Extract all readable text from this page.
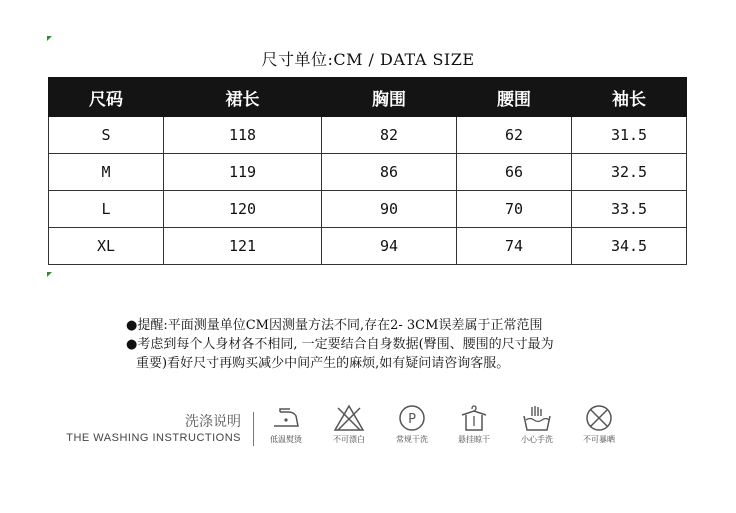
尺寸单位:CM / DATA SIZE
尺码	裙长	胸围	腰围	袖长
S	118	82	62	31.5
M	119	86	66	32.5
L	120	90	70	33.5
XL	121	94	74	34.5
●提醒:平面测量单位CM因测量方法不同,存在2- 3CM误差属于正常范围
●考虑到每个人身材各不相同, 一定要结合自身数据(臀围、腰围的尺寸最为
重要)看好尺寸再购买减少中间产生的麻烦,如有疑问请咨询客服。
洗涤说明
THE WASHING INSTRUCTIONS	低温熨烫	不可漂白
P
常规干洗	悬挂晾干	小心手洗	不可暴晒
